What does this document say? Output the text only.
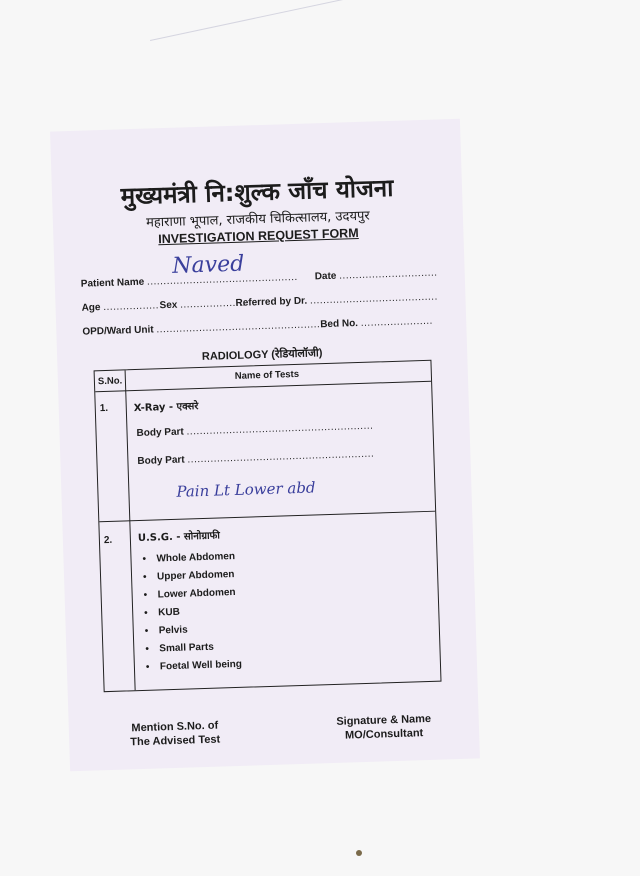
मुख्यमंत्री नि:शुल्क जाँच योजना
महाराणा भूपाल, राजकीय चिकित्सालय, उदयपुर
INVESTIGATION REQUEST FORM
Patient Name ..............................................
Naved	Date ..............................
Age ................. Sex ....................
Referred by Dr. .......................................
OPD/Ward Unit ....................................................
Bed No. ......................
RADIOLOGY (रेडियोलॉजी)
S.No.	Name of Tests
1.	X-Ray - एक्सरे
Body Part .........................................................
Body Part .........................................................
Pain Lt Lower abd
2.	U.S.G. - सोनोग्राफी
• Whole Abdomen
• Upper Abdomen
• Lower Abdomen
• KUB
• Pelvis
• Small Parts
• Foetal Well being
Mention S.No. of
The Advised Test
Signature & Name
MO/Consultant
